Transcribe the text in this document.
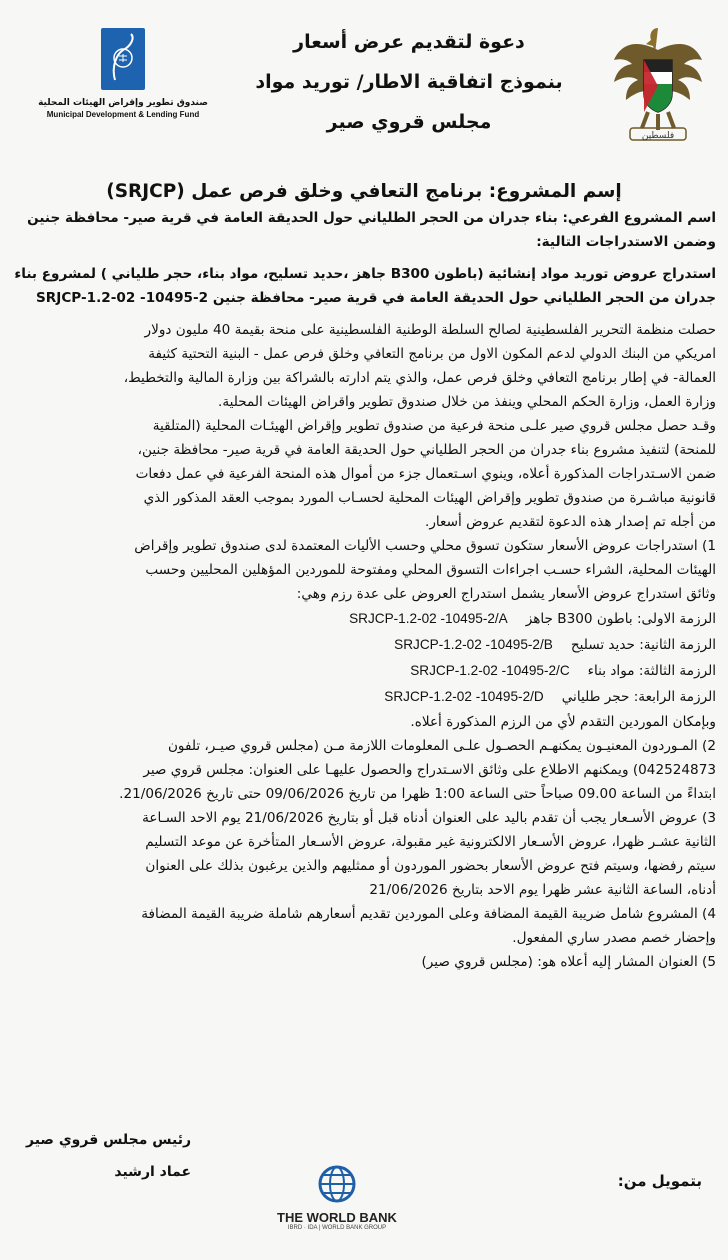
فلسطين
دعوة لتقديم عرض أسعار
بنموذج اتفاقية الاطار/ توريد مواد
مجلس قروي صير
صندوق تطوير وإقراض الهيئات المحلية
Municipal Development & Lending Fund
إسم المشروع: برنامج التعافي وخلق فرص عمل (SRJCP)
اسم المشروع الفرعي: بناء جدران من الحجر الطلياني حول الحديقة العامة في قرية صير- محافظة جنين
وضمن الاستدراجات التالية:
استدراج عروض توريد مواد إنشائية (باطون B300 جاهز ،حديد تسليح، مواد بناء، حجر طلياني ) لمشروع بناء
جدران من الحجر الطلياني حول الحديقة العامة في قرية صير- محافظة جنين SRJCP-1.2-02 -10495-2
حصلت منظمة التحرير الفلسطينية لصالح السلطة الوطنية الفلسطينية على منحة بقيمة 40 مليون دولار
امريكي من البنك الدولي لدعم المكون الاول من برنامج التعافي وخلق فرص عمل - البنية التحتية كثيفة
العمالة- في إطار برنامج التعافي وخلق فرص عمل، والذي يتم ادارته بالشراكة بين وزارة المالية والتخطيط،
وزارة العمل، وزارة الحكم المحلي وينفذ من خلال صندوق تطوير واقراض الهيئات المحلية.
وقـد حصل مجلس قروي صير علـى منحة فرعية من صندوق تطوير وإقراض الهيئـات المحلية (المتلقية
للمنحة) لتنفيذ مشروع بناء جدران من الحجر الطلياني حول الحديقة العامة في قرية صير- محافظة جنين،
ضمن الاسـتدراجات المذكورة أعلاه، وينوي اسـتعمال جزء من أموال هذه المنحة الفرعية في عمل دفعات
قانونية مباشـرة من صندوق تطوير وإقراض الهيئات المحلية لحسـاب المورد بموجب العقد المذكور الذي
من أجله تم إصدار هذه الدعوة لتقديم عروض أسعار.
1) استدراجات عروض الأسعار ستكون تسوق محلي وحسب الأليات المعتمدة لدى صندوق تطوير وإقراض
الهيئات المحلية، الشراء حسـب اجراءات التسوق المحلي ومفتوحة للموردين المؤهلين المحليين وحسب
وثائق استدراج عروض الأسعار يشمل استدراج العروض على عدة رزم وهي:
الرزمة الاولى: باطون B300 جاهزSRJCP-1.2-02 -10495-2/A
الرزمة الثانية: حديد تسليحSRJCP-1.2-02 -10495-2/B
الرزمة الثالثة: مواد بناءSRJCP-1.2-02 -10495-2/C
الرزمة الرابعة: حجر طليانيSRJCP-1.2-02 -10495-2/D
وبإمكان الموردين التقدم لأي من الرزم المذكورة أعلاه.
2) المـوردون المعنيـون يمكنهـم الحصـول علـى المعلومات اللازمة مـن (مجلس قروي صيـر، تلفون
042524873) ويمكنهم الاطلاع على وثائق الاسـتدراج والحصول عليهـا على العنوان: مجلس قروي صير
ابتداءً من الساعة 09.00 صباحاً حتى الساعة 1:00 ظهرا من تاريخ 09/06/2026 حتى تاريخ 21/06/2026.
3) عروض الأسـعار يجب أن تقدم باليد على العنوان أدناه قبل أو بتاريخ 21/06/2026 يوم الاحد السـاعة
الثانية عشـر ظهرا، عروض الأسـعار الالكترونية غير مقبولة، عروض الأسـعار المتأخرة عن موعد التسليم
سيتم رفضها، وسيتم فتح عروض الأسعار بحضور الموردون أو ممثليهم والذين يرغبون بذلك على العنوان
أدناه، الساعة الثانية عشر ظهرا يوم الاحد بتاريخ 21/06/2026
4) المشروع شامل ضريبة القيمة المضافة وعلى الموردين تقديم أسعارهم شاملة ضريبة القيمة المضافة
وإحضار خصم مصدر ساري المفعول.
5) العنوان المشار إليه أعلاه هو: (مجلس قروي صير)
رئيس مجلس قروي صير
عماد ارشيد	بتمويل من:
THE WORLD BANK
IBRD · IDA | WORLD BANK GROUP
